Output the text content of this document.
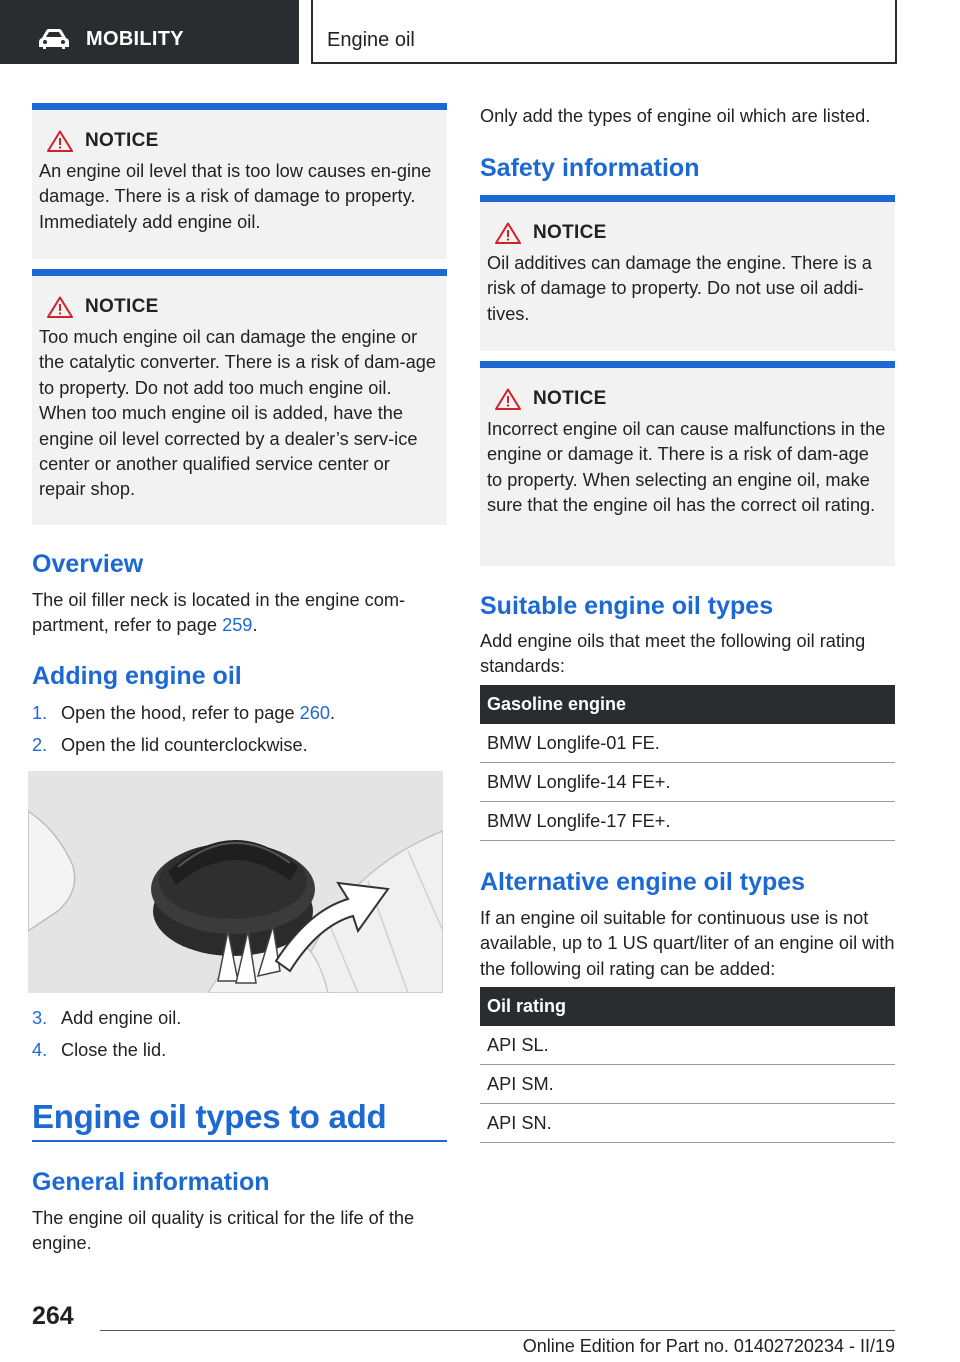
MOBILITY	Engine oil
NOTICE
An engine oil level that is too low causes en-gine damage. There is a risk of damage to property. Immediately add engine oil.
NOTICE
Too much engine oil can damage the engine or the catalytic converter. There is a risk of dam-age to property. Do not add too much engine oil. When too much engine oil is added, have the engine oil level corrected by a dealer’s serv-ice center or another qualified service center or repair shop.
Overview
The oil filler neck is located in the engine com-partment, refer to page 259.
Adding engine oil
1. Open the hood, refer to page 260.
2. Open the lid counterclockwise.
3. Add engine oil.
4. Close the lid.
Engine oil types to add
General information
The engine oil quality is critical for the life of the engine.
Only add the types of engine oil which are listed.
Safety information
NOTICE
Oil additives can damage the engine. There is a risk of damage to property. Do not use oil addi-tives.
NOTICE
Incorrect engine oil can cause malfunctions in the engine or damage it. There is a risk of dam-age to property. When selecting an engine oil, make sure that the engine oil has the correct oil rating.
Suitable engine oil types
Add engine oils that meet the following oil rating standards:
Gasoline engine
BMW Longlife-01 FE.
BMW Longlife-14 FE+.
BMW Longlife-17 FE+.
Alternative engine oil types
If an engine oil suitable for continuous use is not available, up to 1 US quart/liter of an engine oil with the following oil rating can be added:
Oil rating
API SL.
API SM.
API SN.
264
Online Edition for Part no. 01402720234 - II/19
